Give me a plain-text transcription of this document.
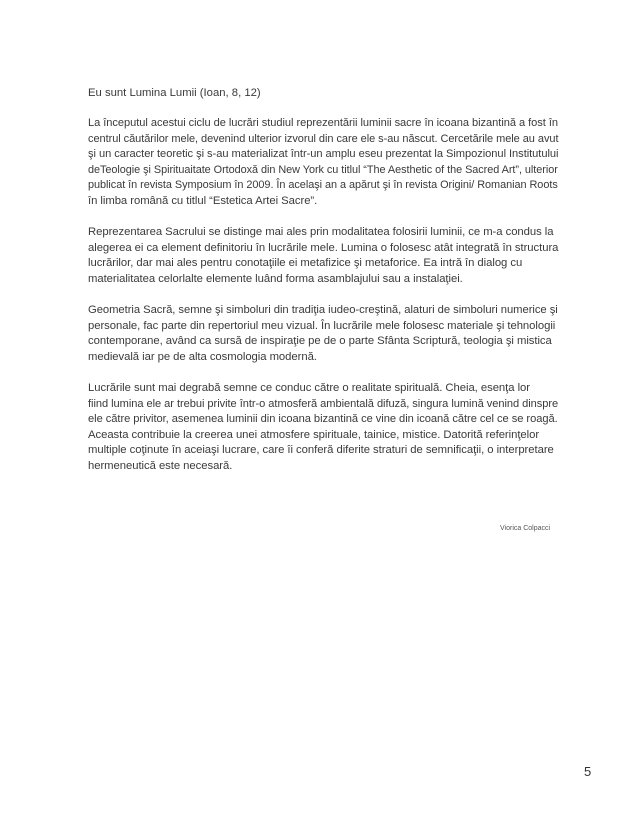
Eu sunt Lumina Lumii (Ioan, 8, 12)
La începutul acestui ciclu de lucrări studiul reprezentării luminii sacre în icoana bizantină a fost în
centrul căutărilor mele, devenind ulterior izvorul din care ele s-au născut. Cercetările mele au avut
şi un caracter teoretic şi s-au materializat într-un amplu eseu prezentat la Simpozionul Institutului
deTeologie şi Spirituaitate Ortodoxă din New York cu titlul “The Aesthetic of the Sacred Art”, ulterior
publicat în revista Symposium în 2009. În acelaşi an a apărut şi în revista Origini/ Romanian Roots
în limba română cu titlul “Estetica Artei Sacre”.
Reprezentarea Sacrului se distinge mai ales prin modalitatea folosirii luminii, ce m-a condus la
alegerea ei ca element definitoriu în lucrările mele. Lumina o folosesc atât integrată în structura
lucrărilor, dar mai ales pentru conotaţiile ei metafizice şi metaforice. Ea intră în dialog cu
materialitatea celorlalte elemente luând forma asamblajului sau a instalaţiei.
Geometria Sacră, semne şi simboluri din tradiţia iudeo-creştină, alaturi de simboluri numerice şi
personale, fac parte din repertoriul meu vizual. În lucrările mele folosesc materiale şi tehnologii
contemporane, având ca sursă de inspiraţie pe de o parte Sfânta Scriptură, teologia şi mistica
medievală iar pe de alta cosmologia modernă.
Lucrările sunt mai degrabă semne ce conduc către o realitate spirituală. Cheia, esenţa lor
fiind lumina ele ar trebui privite într-o atmosferă ambientală difuză, singura lumină venind dinspre
ele către privitor, asemenea luminii din icoana bizantină ce vine din icoană către cel ce se roagă.
Aceasta contribuie la creerea unei atmosfere spirituale, tainice, mistice. Datorită referinţelor
multiple coţinute în aceiaşi lucrare, care îi conferă diferite straturi de semnificaţii, o interpretare
hermeneutică este necesară.
Viorica Colpacci
5
